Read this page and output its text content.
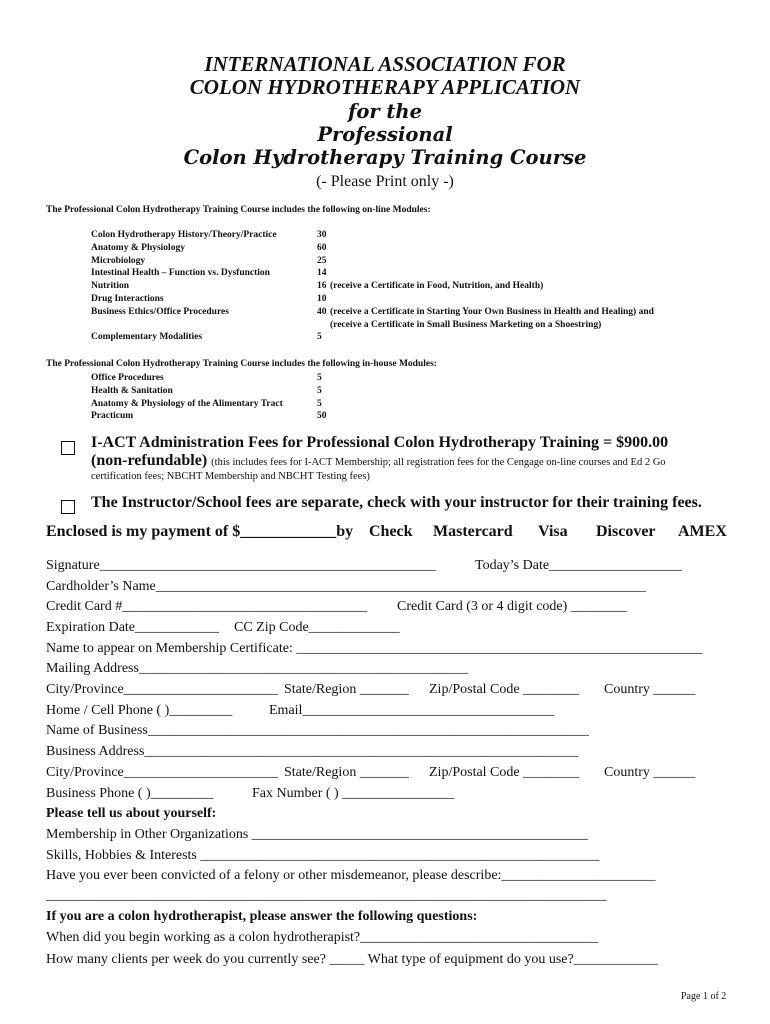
INTERNATIONAL ASSOCIATION FOR
COLON HYDROTHERAPY APPLICATION
for the
Professional
Colon Hydrotherapy Training Course
(- Please Print only -)
The Professional Colon Hydrotherapy Training Course includes the following on-line Modules:
Colon Hydrotherapy History/Theory/Practice	30
Anatomy & Physiology	60
Microbiology	25
Intestinal Health – Function vs. Dysfunction	14
Nutrition	16 (receive a Certificate in Food, Nutrition, and Health)
Drug Interactions	10
Business Ethics/Office Procedures	40 (receive a Certificate in Starting Your Own Business in Health and Healing) and
(receive a Certificate in Small Business Marketing on a Shoestring)
Complementary Modalities	5
The Professional Colon Hydrotherapy Training Course includes the following in-house Modules:
Office Procedures	5
Health & Sanitation	5
Anatomy & Physiology of the Alimentary Tract	5
Practicum	50
I-ACT Administration Fees for Professional Colon Hydrotherapy Training = $900.00
(non-refundable) (this includes fees for I-ACT Membership; all registration fees for the Cengage on-line courses and Ed 2 Go
certification fees; NBCHT Membership and NBCHT Testing fees)
The Instructor/School fees are separate, check with your instructor for their training fees.
Enclosed is my payment of $____________by Check Mastercard Visa Discover AMEX
Signature________________________________________________	Today’s Date___________________
Cardholder’s Name______________________________________________________________________
Credit Card #___________________________________ Credit Card (3 or 4 digit code) ________
Expiration Date____________ CC Zip Code_____________
Name to appear on Membership Certificate: __________________________________________________________
Mailing Address_______________________________________________
City/Province______________________ State/Region _______ Zip/Postal Code ________ Country ______
Home / Cell Phone ( )_________	Email____________________________________
Name of Business_______________________________________________________________
Business Address______________________________________________________________
City/Province______________________ State/Region _______ Zip/Postal Code ________ Country ______
Business Phone ( )_________	Fax Number ( ) ________________
Please tell us about yourself:
Membership in Other Organizations ________________________________________________
Skills, Hobbies & Interests _________________________________________________________
Have you ever been convicted of a felony or other misdemeanor, please describe:______________________
________________________________________________________________________________
If you are a colon hydrotherapist, please answer the following questions:
When did you begin working as a colon hydrotherapist?__________________________________
How many clients per week do you currently see? _____ What type of equipment do you use?____________
Page 1 of 2
